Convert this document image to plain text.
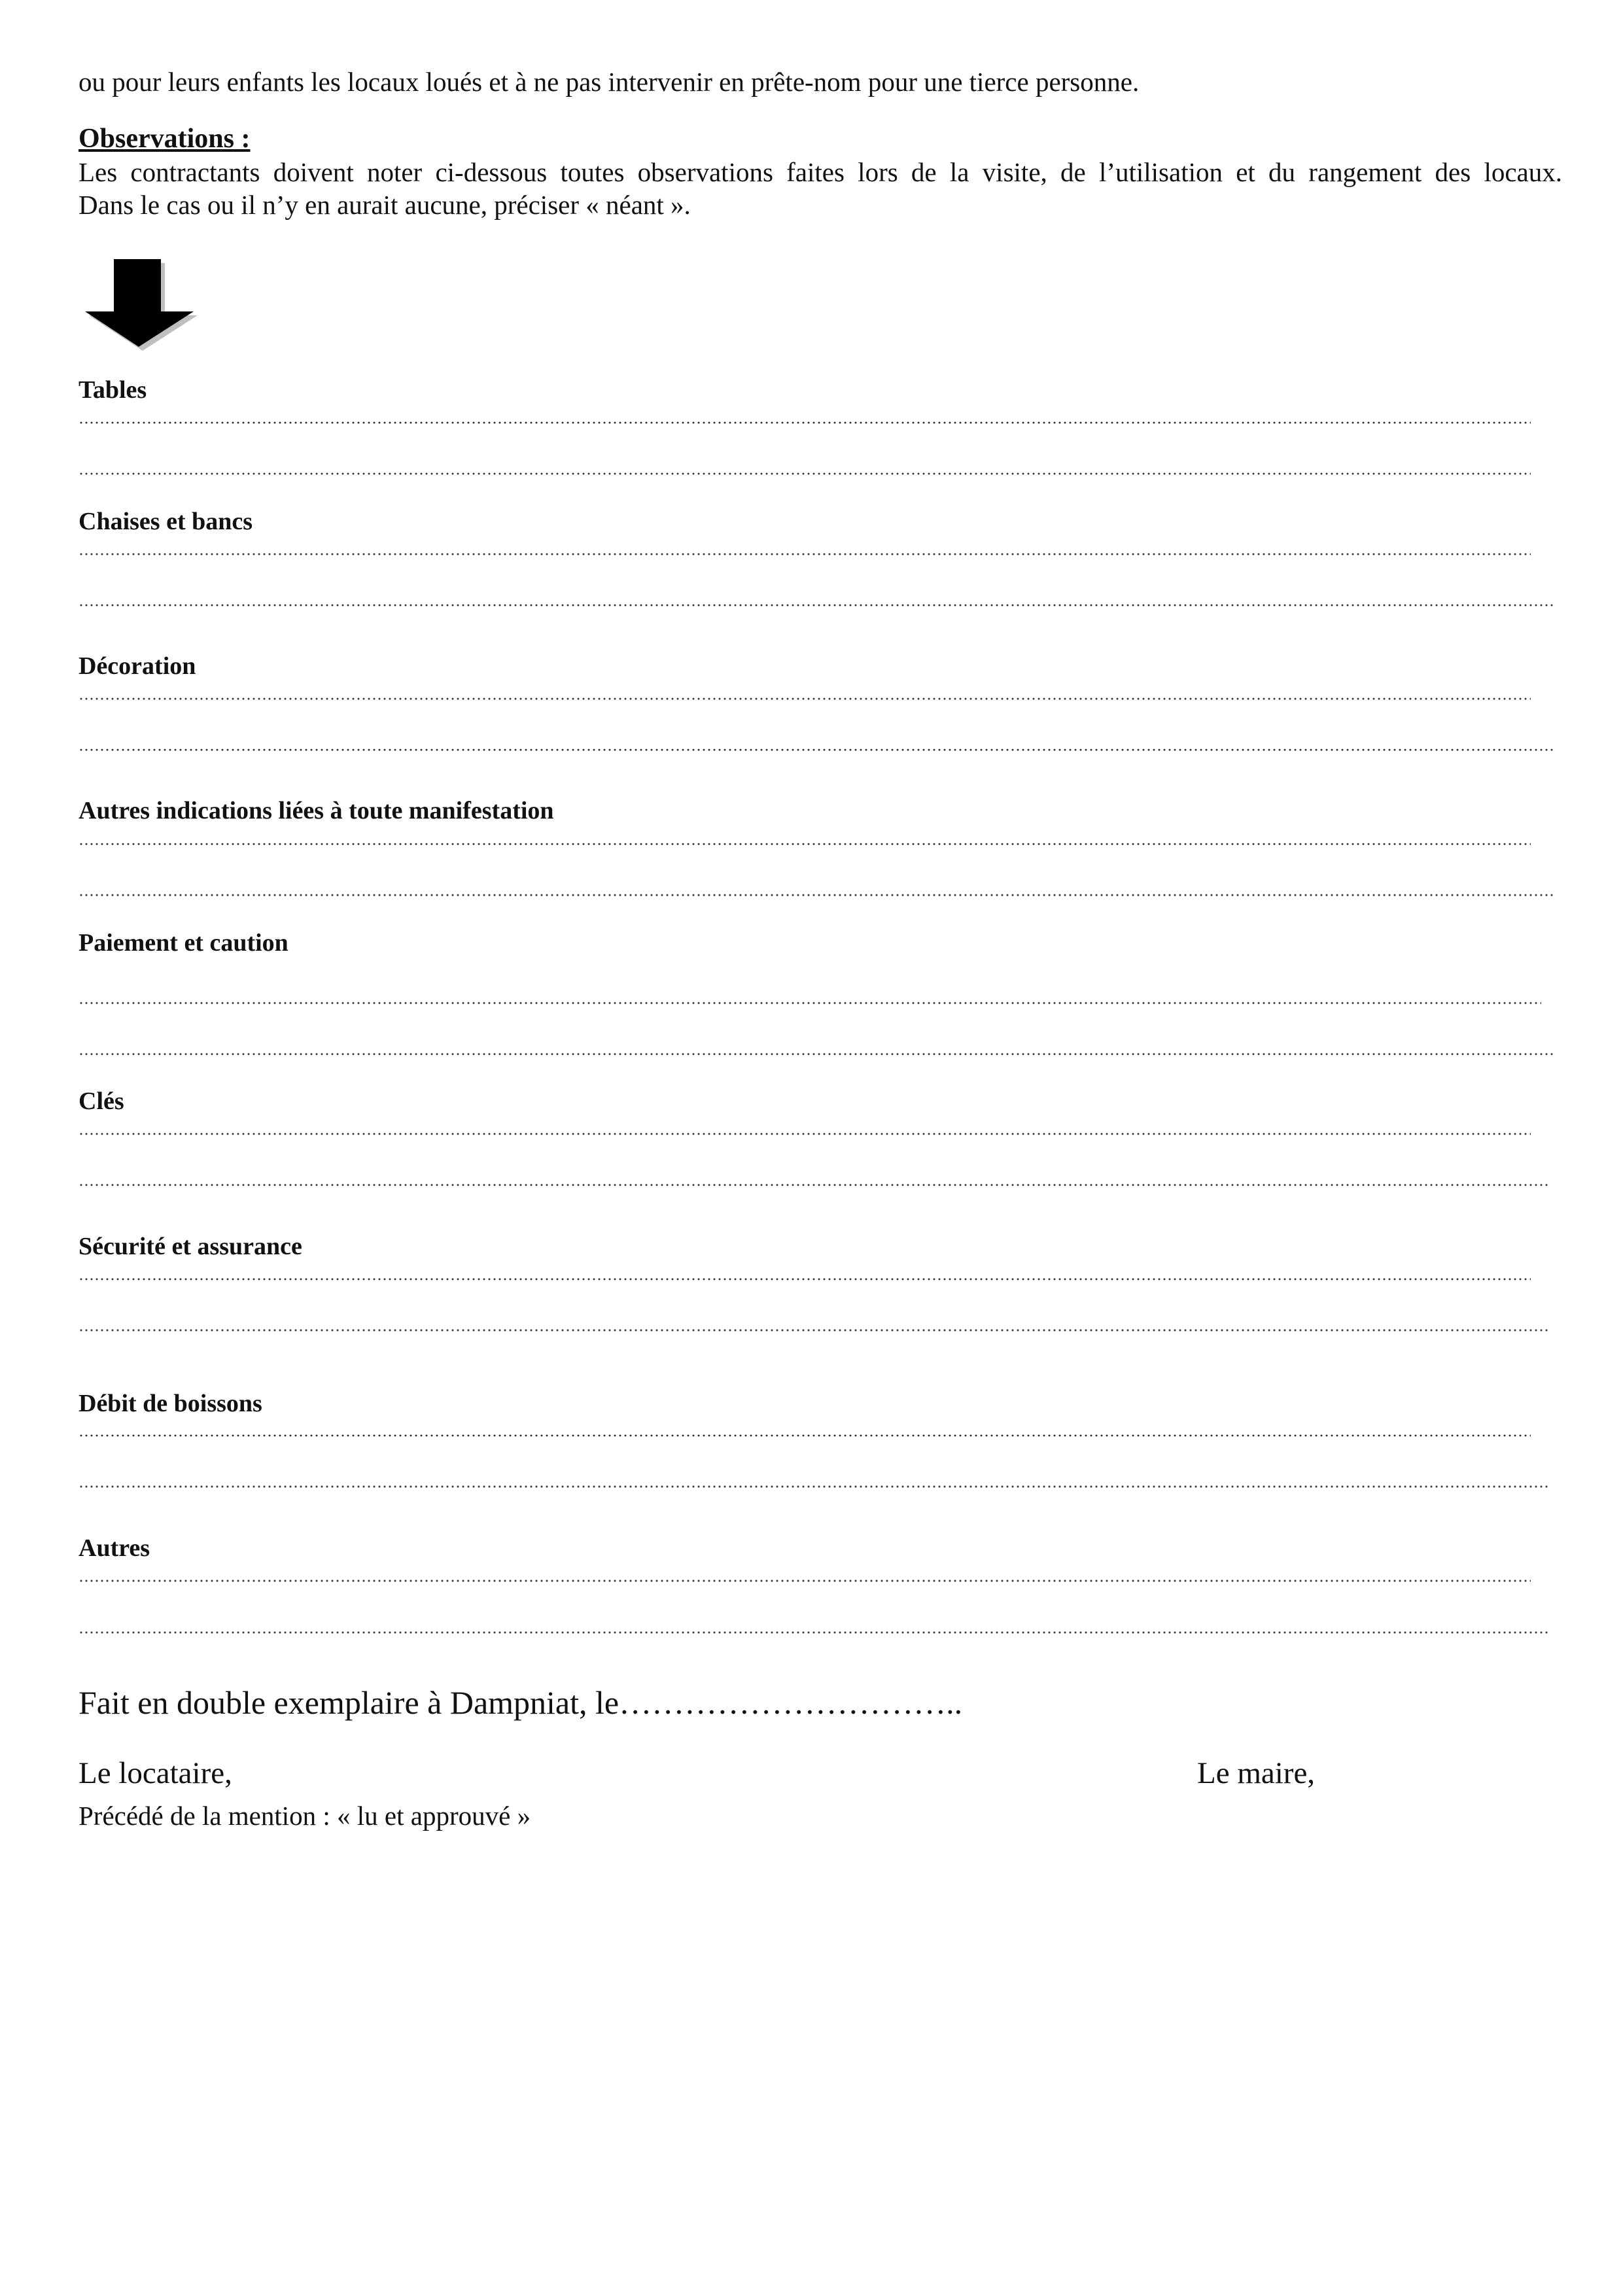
ou pour leurs enfants les locaux loués et à ne pas intervenir en prête-nom pour une tierce personne.
Observations :
Les contractants doivent noter ci-dessous toutes observations faites lors de la visite, de l’utilisation et du rangement des locaux.
Dans le cas ou il n’y en aurait aucune, préciser « néant ».
Tables
Chaises et bancs
Décoration
Autres indications liées à toute manifestation
Paiement et caution
Clés
Sécurité et assurance
Débit de boissons
Autres
Fait en double exemplaire à Dampniat, le…………………………..
Le locataire,	Le maire,
Précédé de la mention : « lu et approuvé »
